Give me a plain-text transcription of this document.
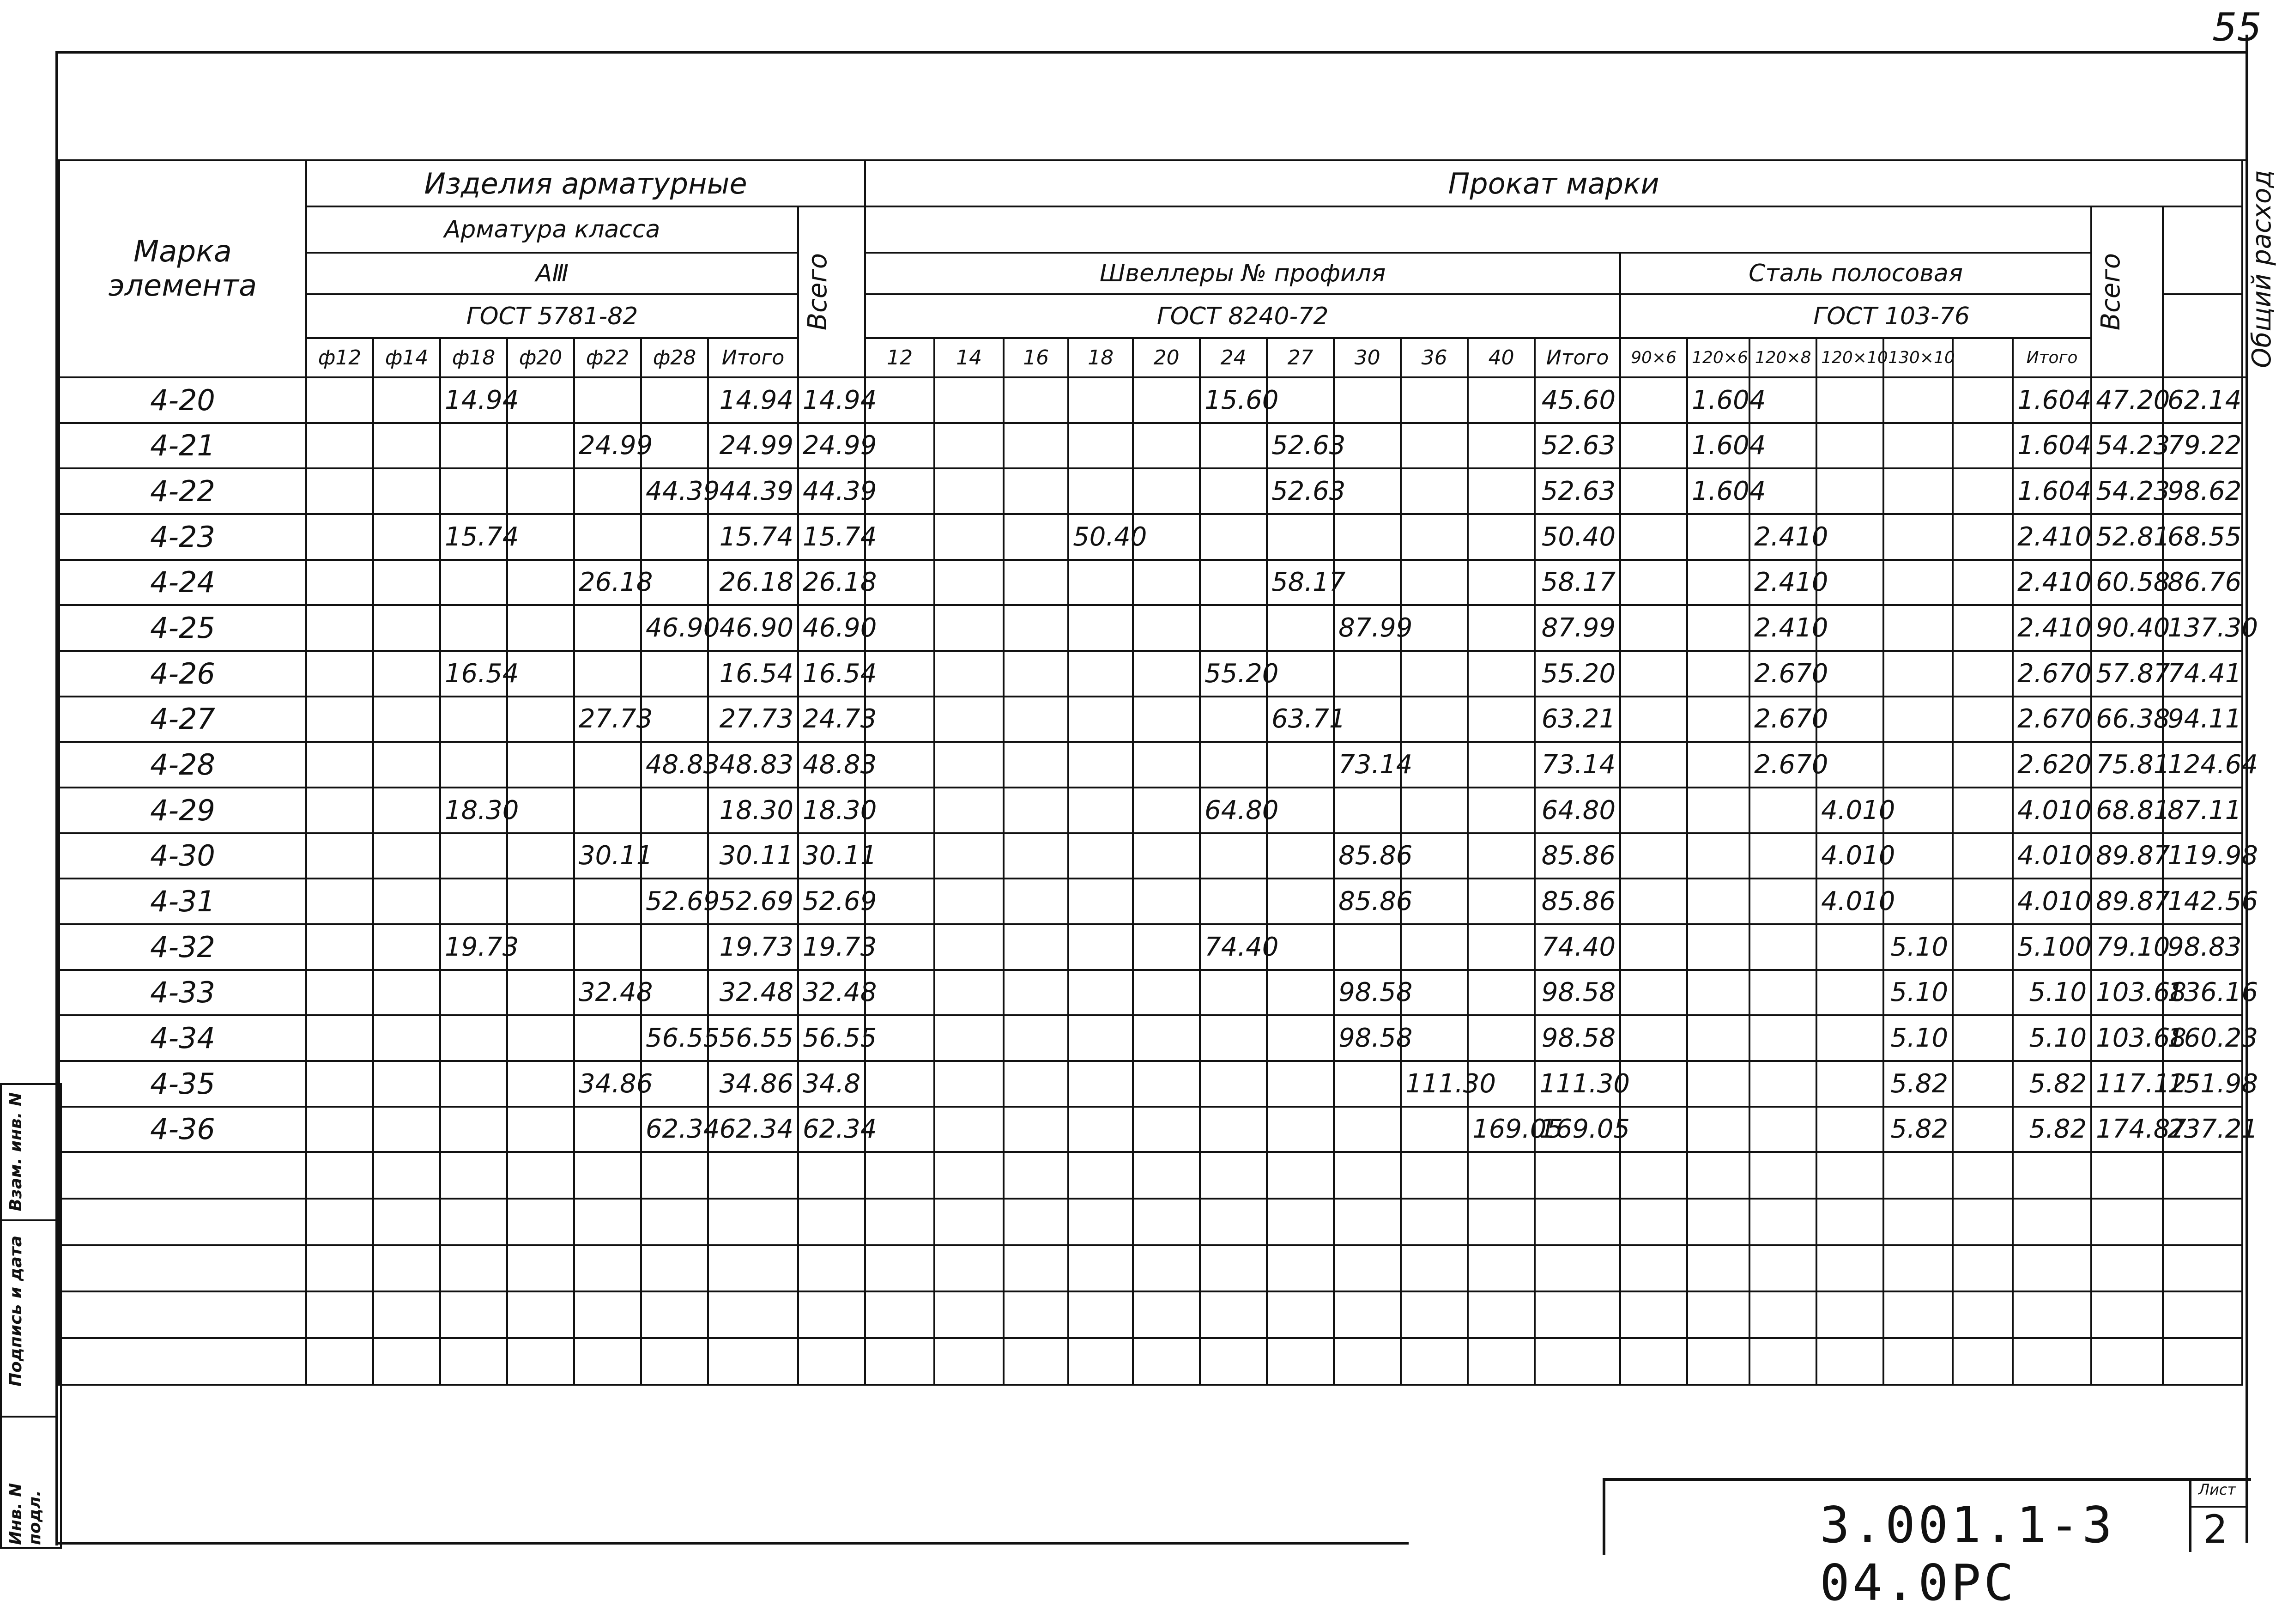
55
Марка элемента	Изделия арматурные								Прокат марки																				Общий расход

	Арматура класса							Всего																			Всего		

	АⅢ								Швеллеры № профиля											Сталь полосовая									
	ГОСТ 5781-82								ГОСТ 8240-72											ГОСТ 103-76									
	ф12	ф14	ф18	ф20	ф22	ф28	Итого		12	14	16	18	20	24	27	30	36	40	Итого	90×6	120×6	120×8	120×10	130×10		Итого			
4-20			14.94				14.94	14.94						15.60					45.60		1.604					1.604	47.20	62.14	
4-21					24.99		24.99	24.99							52.63				52.63		1.604					1.604	54.23	79.22	
4-22						44.39	44.39	44.39							52.63				52.63		1.604					1.604	54.23	98.62	
4-23			15.74				15.74	15.74				50.40							50.40			2.410				2.410	52.81	68.55	
4-24					26.18		26.18	26.18							58.17				58.17			2.410				2.410	60.58	86.76	
4-25						46.90	46.90	46.90								87.99			87.99			2.410				2.410	90.40	137.30	
4-26			16.54				16.54	16.54						55.20					55.20			2.670				2.670	57.87	74.41	
4-27					27.73		27.73	24.73							63.71				63.21			2.670				2.670	66.38	94.11	
4-28						48.83	48.83	48.83								73.14			73.14			2.670				2.620	75.81	124.64	
4-29			18.30				18.30	18.30						64.80					64.80				4.010			4.010	68.81	87.11	
4-30					30.11		30.11	30.11								85.86			85.86				4.010			4.010	89.87	119.98	
4-31						52.69	52.69	52.69								85.86			85.86				4.010			4.010	89.87	142.56	
4-32			19.73				19.73	19.73						74.40					74.40					5.10		5.100	79.10	98.83	
4-33					32.48		32.48	32.48								98.58			98.58					5.10		5.10	103.68	136.16	
4-34						56.55	56.55	56.55								98.58			98.58					5.10		5.10	103.68	160.23	
4-35					34.86		34.86	34.8									111.30		111.30					5.82		5.82	117.12	151.98	
4-36						62.34	62.34	62.34										169.05	169.05					5.82		5.82	174.87	237.21	

Инв. N подл.
Подпись и дата
Взам. инв. N
3.001.1-3 04.0PC
Лист
2
